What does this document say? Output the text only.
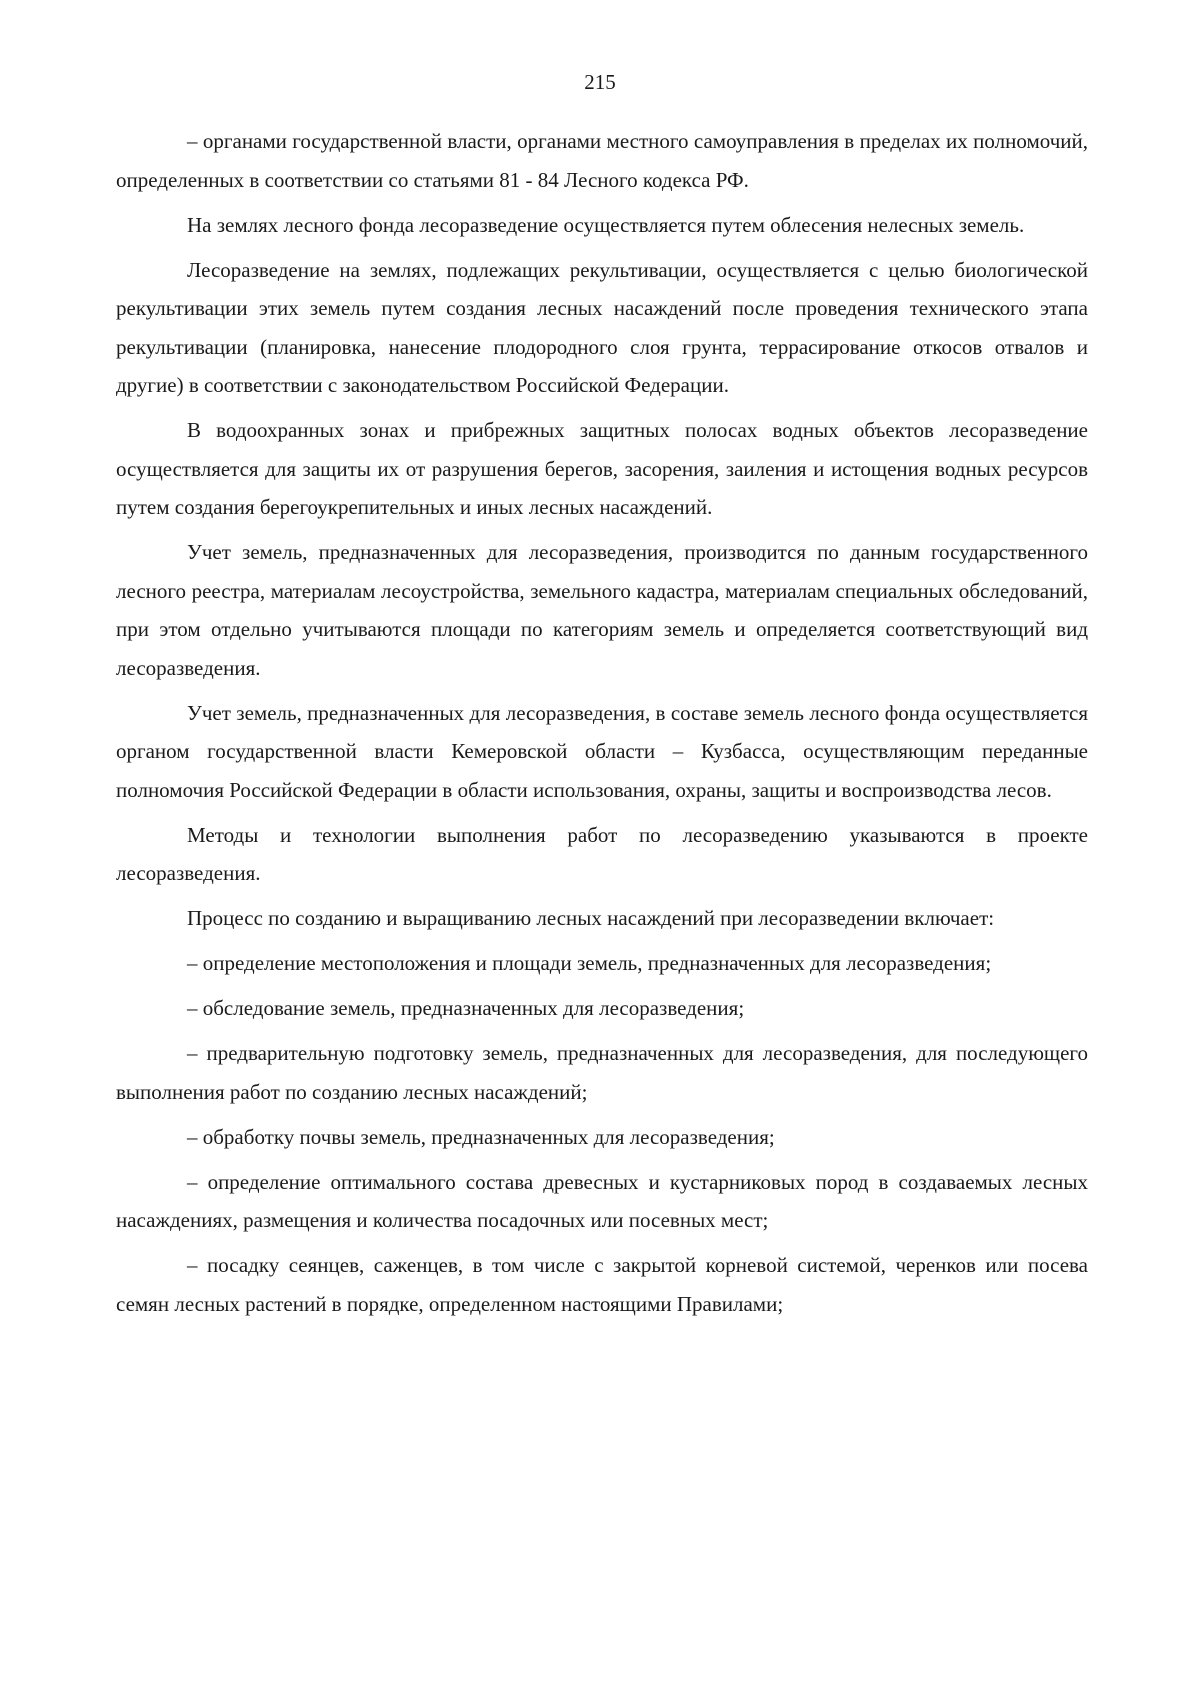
215

– органами государственной власти, органами местного самоуправления в пределах их полномочий, определенных в соответствии со статьями 81 - 84 Лесного кодекса РФ.

На землях лесного фонда лесоразведение осуществляется путем облесения нелесных земель.

Лесоразведение на землях, подлежащих рекультивации, осуществляется с целью биологической рекультивации этих земель путем создания лесных насаждений после проведения технического этапа рекультивации (планировка, нанесение плодородного слоя грунта, террасирование откосов отвалов и другие) в соответствии с законодательством Российской Федерации.

В водоохранных зонах и прибрежных защитных полосах водных объектов лесоразведение осуществляется для защиты их от разрушения берегов, засорения, заиления и истощения водных ресурсов путем создания берегоукрепительных и иных лесных насаждений.

Учет земель, предназначенных для лесоразведения, производится по данным государственного лесного реестра, материалам лесоустройства, земельного кадастра, материалам специальных обследований, при этом отдельно учитываются площади по категориям земель и определяется соответствующий вид лесоразведения.

Учет земель, предназначенных для лесоразведения, в составе земель лесного фонда осуществляется органом государственной власти Кемеровской области – Кузбасса, осуществляющим переданные полномочия Российской Федерации в области использования, охраны, защиты и воспроизводства лесов.

Методы и технологии выполнения работ по лесоразведению указываются в проекте лесоразведения.

Процесс по созданию и выращиванию лесных насаждений при лесоразведении включает:

– определение местоположения и площади земель, предназначенных для лесоразведения;

– обследование земель, предназначенных для лесоразведения;

– предварительную подготовку земель, предназначенных для лесоразведения, для последующего выполнения работ по созданию лесных насаждений;

– обработку почвы земель, предназначенных для лесоразведения;

– определение оптимального состава древесных и кустарниковых пород в создаваемых лесных насаждениях, размещения и количества посадочных или посевных мест;

– посадку сеянцев, саженцев, в том числе с закрытой корневой системой, черенков или посева семян лесных растений в порядке, определенном настоящими Правилами;
